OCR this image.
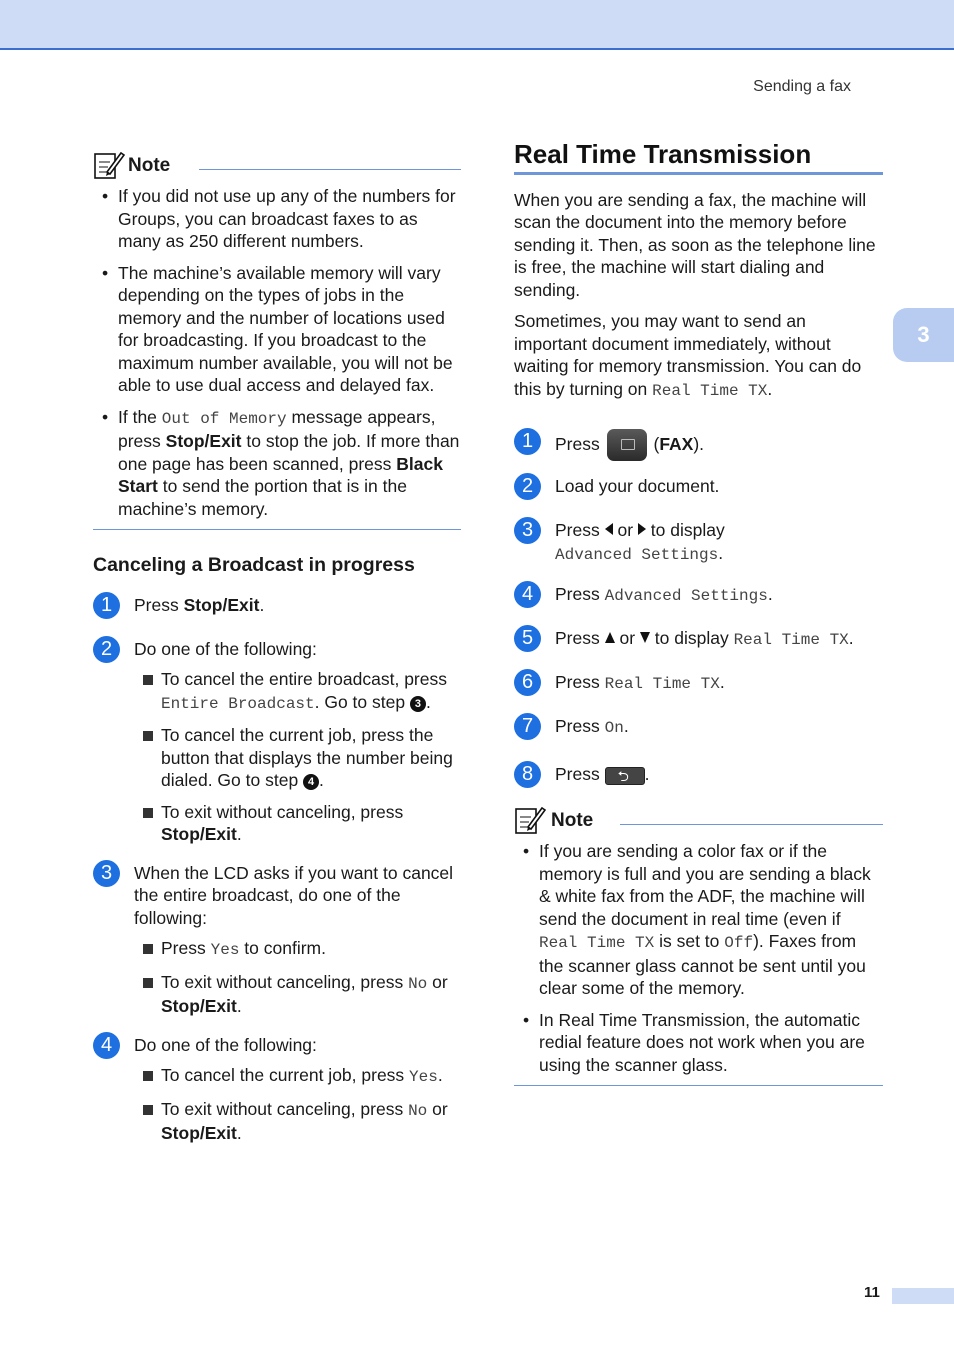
Sending a fax
3
Note
• If you did not use up any of the numbers for Groups, you can broadcast faxes to as many as 250 different numbers.
• The machine’s available memory will vary depending on the types of jobs in the memory and the number of locations used for broadcasting. If you broadcast to the maximum number available, you will not be able to use dual access and delayed fax.
• If the Out of Memory message appears, press Stop/Exit to stop the job. If more than one page has been scanned, press Black Start to send the portion that is in the machine’s memory.
Canceling a Broadcast in progress
1	Press Stop/Exit.
2	Do one of the following:
To cancel the entire broadcast, press Entire Broadcast. Go to step 3 .
To cancel the current job, press the button that displays the number being dialed. Go to step 4 .
To exit without canceling, press Stop/Exit.
3	When the LCD asks if you want to cancel the entire broadcast, do one of the following:
Press Yes to confirm.
To exit without canceling, press No or Stop/Exit.
4	Do one of the following:
To cancel the current job, press Yes.
To exit without canceling, press No or Stop/Exit.
Real Time Transmission

When you are sending a fax, the machine will scan the document into the memory before sending it. Then, as soon as the telephone line is free, the machine will start dialing and sending.

Sometimes, you may want to send an important document immediately, without waiting for memory transmission. You can do this by turning on Real Time TX.

1	Press	(FAX).
2	Load your document.
3	Press  or  to display
Advanced Settings.
4	Press Advanced Settings.
5	Press  or  to display Real Time TX.
6	Press Real Time TX.
7	Press On.
8	Press ⮌.
Note
• If you are sending a color fax or if the memory is full and you are sending a black & white fax from the ADF, the machine will send the document in real time (even if Real Time TX is set to Off). Faxes from the scanner glass cannot be sent until you clear some of the memory.
• In Real Time Transmission, the automatic redial feature does not work when you are using the scanner glass.
11
